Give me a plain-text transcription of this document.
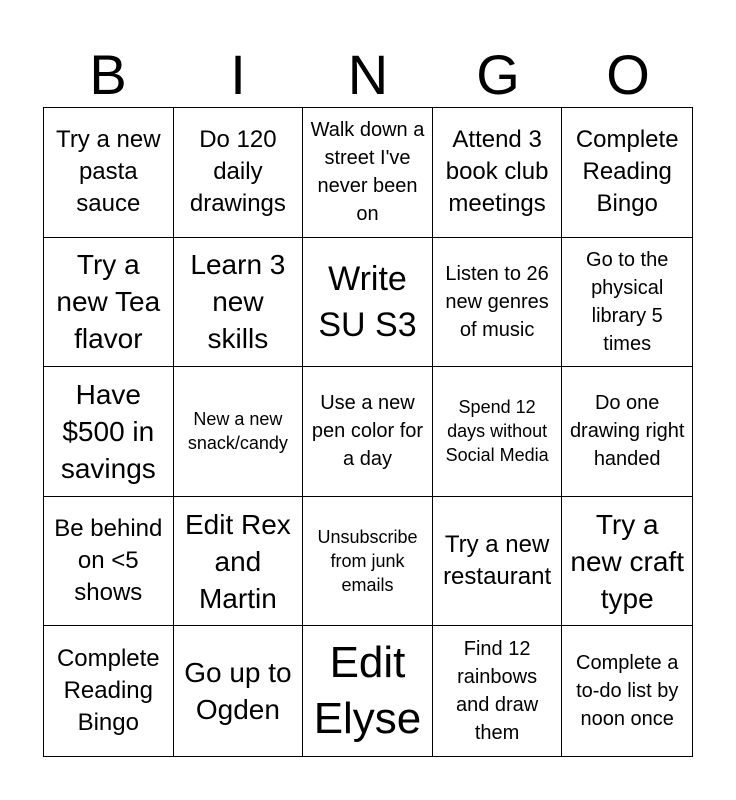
B	I	N	G	O
Try a new pasta sauce
Do 120 daily drawings
Walk down a street I've never been on
Attend 3 book club meetings
Complete Reading Bingo
Try a new Tea flavor
Learn 3 new skills
Write SU S3
Listen to 26 new genres of music
Go to the physical library 5 times
Have $500 in savings
New a new snack/candy
Use a new pen color for a day
Spend 12 days without Social Media
Do one drawing right handed
Be behind on <5 shows
Edit Rex and Martin
Unsubscribe from junk emails
Try a new restaurant
Try a new craft type
Complete Reading Bingo
Go up to Ogden
Edit Elyse
Find 12 rainbows and draw them
Complete a to-do list by noon once
